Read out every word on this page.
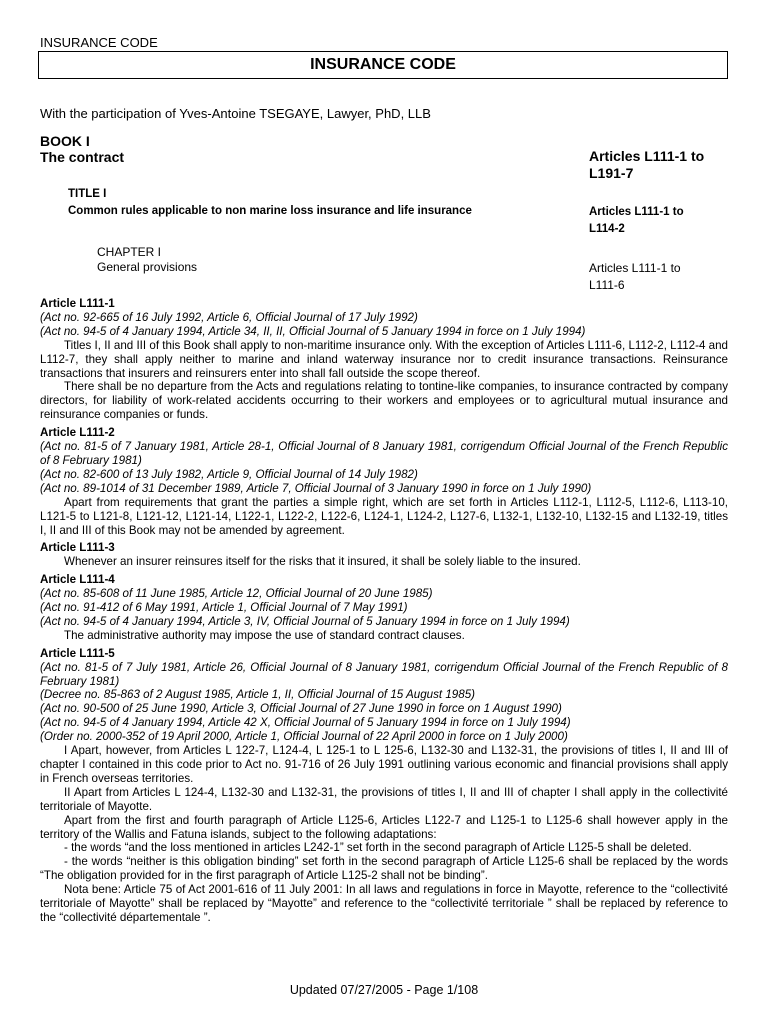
INSURANCE CODE
INSURANCE CODE
With the participation of Yves-Antoine TSEGAYE, Lawyer, PhD, LLB
BOOK I
The contract	Articles L111-1 to
L191-7
TITLE I
Common rules applicable to non marine loss insurance and life insurance	Articles L111-1 to
L114-2
CHAPTER I
General provisions	Articles L111-1 to
L111-6
Article L111-1
(Act no. 92-665 of 16 July 1992, Article 6, Official Journal of 17 July 1992)
(Act no. 94-5 of 4 January 1994, Article 34, II, II, Official Journal of 5 January 1994 in force on 1 July 1994)
Titles I, II and III of this Book shall apply to non-maritime insurance only. With the exception of Articles L111-6, L112-2, L112-4 and L112-7, they shall apply neither to marine and inland waterway insurance nor to credit insurance transactions. Reinsurance transactions that insurers and reinsurers enter into shall fall outside the scope thereof.
There shall be no departure from the Acts and regulations relating to tontine-like companies, to insurance contracted by company directors, for liability of work-related accidents occurring to their workers and employees or to agricultural mutual insurance and reinsurance companies or funds.
Article L111-2
(Act no. 81-5 of 7 January 1981, Article 28-1, Official Journal of 8 January 1981, corrigendum Official Journal of the French Republic of 8 February 1981)
(Act no. 82-600 of 13 July 1982, Article 9, Official Journal of 14 July 1982)
(Act no. 89-1014 of 31 December 1989, Article 7, Official Journal of 3 January 1990 in force on 1 July 1990)
Apart from requirements that grant the parties a simple right, which are set forth in Articles L112-1, L112-5, L112-6, L113-10, L121-5 to L121-8, L121-12, L121-14, L122-1, L122-2, L122-6, L124-1, L124-2, L127-6, L132-1, L132-10, L132-15 and L132-19, titles I, II and III of this Book may not be amended by agreement.
Article L111-3
Whenever an insurer reinsures itself for the risks that it insured, it shall be solely liable to the insured.
Article L111-4
(Act no. 85-608 of 11 June 1985, Article 12, Official Journal of 20 June 1985)
(Act no. 91-412 of 6 May 1991, Article 1, Official Journal of 7 May 1991)
(Act no. 94-5 of 4 January 1994, Article 3, IV, Official Journal of 5 January 1994 in force on 1 July 1994)
The administrative authority may impose the use of standard contract clauses.
Article L111-5
(Act no. 81-5 of 7 July 1981, Article 26, Official Journal of 8 January 1981, corrigendum Official Journal of the French Republic of 8 February 1981)
(Decree no. 85-863 of 2 August 1985, Article 1, II, Official Journal of 15 August 1985)
(Act no. 90-500 of 25 June 1990, Article 3, Official Journal of 27 June 1990 in force on 1 August 1990)
(Act no. 94-5 of 4 January 1994, Article 42 X, Official Journal of 5 January 1994 in force on 1 July 1994)
(Order no. 2000-352 of 19 April 2000, Article 1, Official Journal of 22 April 2000 in force on 1 July 2000)
I Apart, however, from Articles L 122-7, L124-4, L 125-1 to L 125-6, L132-30 and L132-31, the provisions of titles I, II and III of chapter I contained in this code prior to Act no. 91-716 of 26 July 1991 outlining various economic and financial provisions shall apply in French overseas territories.
II Apart from Articles L 124-4, L132-30 and L132-31, the provisions of titles I, II and III of chapter I shall apply in the collectivité territoriale of Mayotte.
Apart from the first and fourth paragraph of Article L125-6, Articles L122-7 and L125-1 to L125-6 shall however apply in the territory of the Wallis and Fatuna islands, subject to the following adaptations:
- the words “and the loss mentioned in articles L242-1” set forth in the second paragraph of Article L125-5 shall be deleted.
- the words “neither is this obligation binding” set forth in the second paragraph of Article L125-6 shall be replaced by the words “The obligation provided for in the first paragraph of Article L125-2 shall not be binding”.
Nota bene: Article 75 of Act 2001-616 of 11 July 2001: In all laws and regulations in force in Mayotte, reference to the “collectivité territoriale of Mayotte” shall be replaced by “Mayotte” and reference to the “collectivité territoriale ” shall be replaced by reference to the “collectivité départementale ”.
Updated 07/27/2005 - Page 1/108
